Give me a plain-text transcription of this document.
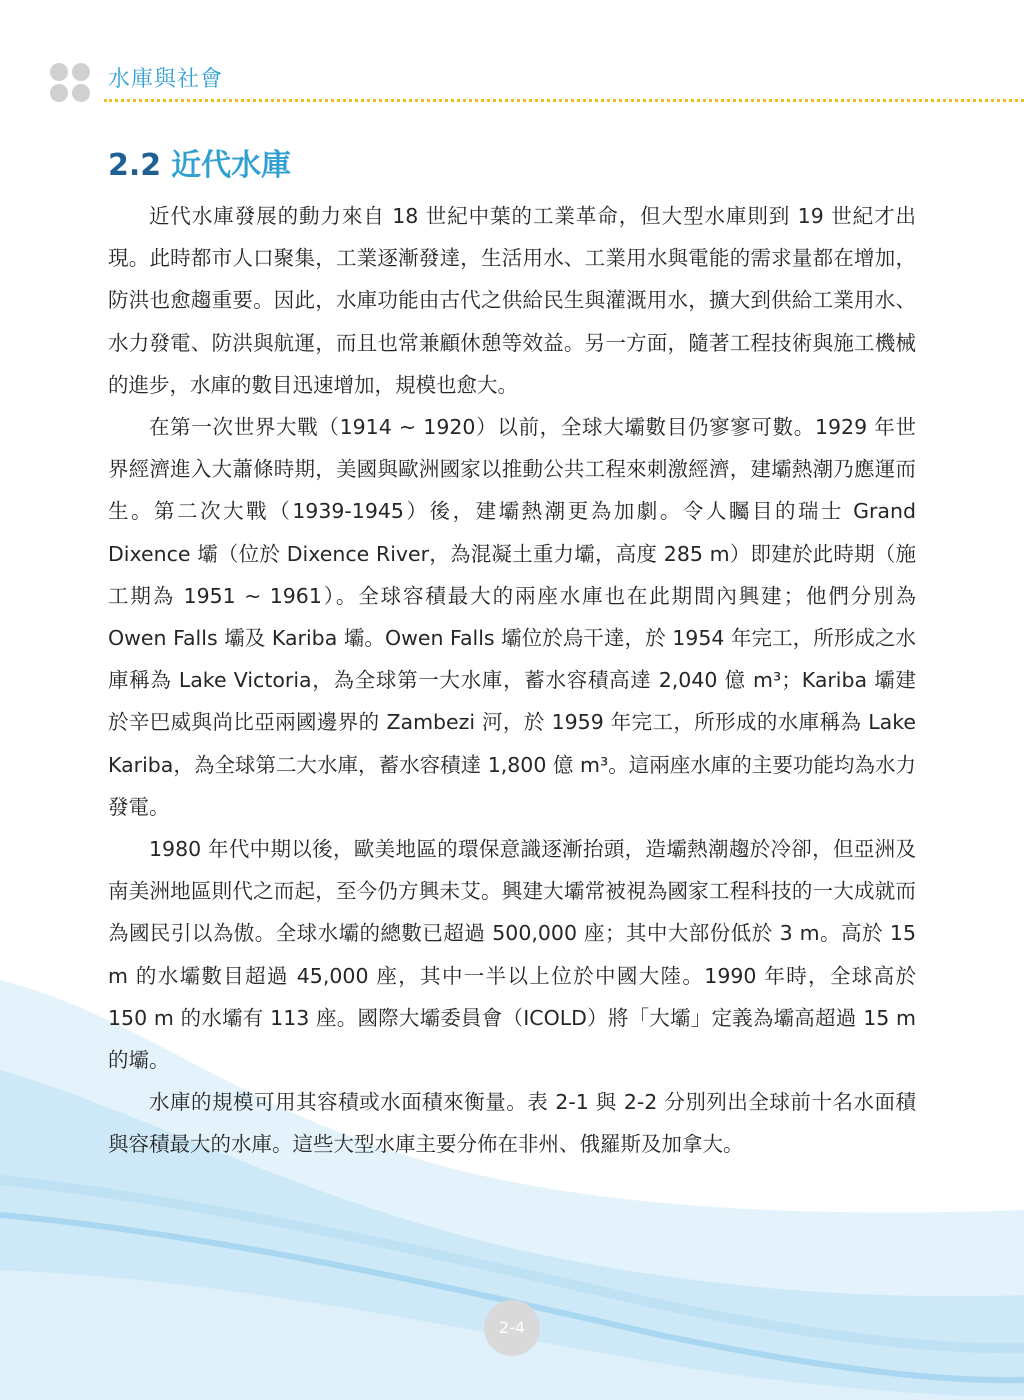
水庫與社會
2.2 近代水庫

近代水庫發展的動力來自 18 世紀中葉的工業革命，但大型水庫則到 19 世紀才出現。此時都市人口聚集，工業逐漸發達，生活用水、工業用水與電能的需求量都在增加，防洪也愈趨重要。因此，水庫功能由古代之供給民生與灌溉用水，擴大到供給工業用水、水力發電、防洪與航運，而且也常兼顧休憩等效益。另一方面，隨著工程技術與施工機械的進步，水庫的數目迅速增加，規模也愈大。

在第一次世界大戰（1914 ~ 1920）以前，全球大壩數目仍寥寥可數。1929 年世界經濟進入大蕭條時期，美國與歐洲國家以推動公共工程來刺激經濟，建壩熱潮乃應運而生。第二次大戰（1939-1945）後，建壩熱潮更為加劇。令人矚目的瑞士 Grand Dixence 壩（位於 Dixence River，為混凝土重力壩，高度 285 m）即建於此時期（施工期為 1951 ~ 1961）。全球容積最大的兩座水庫也在此期間內興建；他們分別為 Owen Falls 壩及 Kariba 壩。Owen Falls 壩位於烏干達，於 1954 年完工，所形成之水庫稱為 Lake Victoria，為全球第一大水庫，蓄水容積高達 2,040 億 m³；Kariba 壩建於辛巴威與尚比亞兩國邊界的 Zambezi 河，於 1959 年完工，所形成的水庫稱為 Lake Kariba，為全球第二大水庫，蓄水容積達 1,800 億 m³。這兩座水庫的主要功能均為水力發電。

1980 年代中期以後，歐美地區的環保意識逐漸抬頭，造壩熱潮趨於冷卻，但亞洲及南美洲地區則代之而起，至今仍方興未艾。興建大壩常被視為國家工程科技的一大成就而為國民引以為傲。全球水壩的總數已超過 500,000 座；其中大部份低於 3 m。高於 15 m 的水壩數目超過 45,000 座，其中一半以上位於中國大陸。1990 年時，全球高於 150 m 的水壩有 113 座。國際大壩委員會（ICOLD）將「大壩」定義為壩高超過 15 m 的壩。

水庫的規模可用其容積或水面積來衡量。表 2-1 與 2-2 分別列出全球前十名水面積與容積最大的水庫。這些大型水庫主要分佈在非州、俄羅斯及加拿大。

2-4
